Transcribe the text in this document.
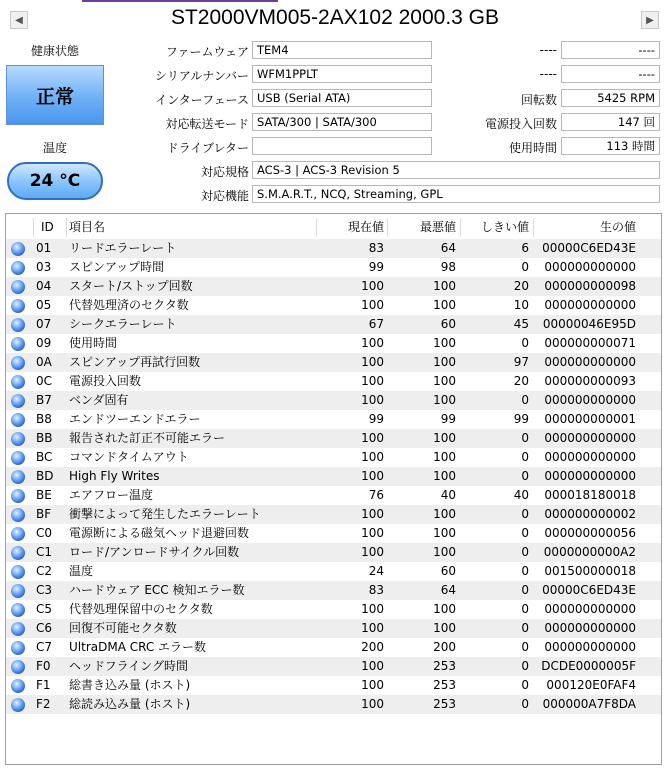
◀	ST2000VM005-2AX102 2000.3 GB	▶
健康状態
正常
温度
24 °C
ファームウェア TEM4
シリアルナンバー WFM1PPLT
インターフェース USB (Serial ATA)
対応転送モード SATA/300 | SATA/300
ドライブレター
対応規格 ACS-3 | ACS-3 Revision 5
対応機能 S.M.A.R.T., NCQ, Streaming, GPL
----	----
----	----
回転数	5425 RPM
電源投入回数	147 回
使用時間	113 時間
ID	項目名	現在値	最悪値	しきい値	生の値
01	リードエラーレート	83	64	6	00000C6ED43E
03	スピンアップ時間	99	98	0	000000000000
04	スタート/ストップ回数	100	100	20	000000000098
05	代替処理済のセクタ数	100	100	10	000000000000
07	シークエラーレート	67	60	45	00000046E95D
09	使用時間	100	100	0	000000000071
0A	スピンアップ再試行回数	100	100	97	000000000000
0C	電源投入回数	100	100	20	000000000093
B7	ベンダ固有	100	100	0	000000000000
B8	エンドツーエンドエラー	99	99	99	000000000001
BB	報告された訂正不可能エラー	100	100	0	000000000000
BC	コマンドタイムアウト	100	100	0	000000000000
BD	High Fly Writes	100	100	0	000000000000
BE	エアフロー温度	76	40	40	000018180018
BF	衝撃によって発生したエラーレート	100	100	0	000000000002
C0	電源断による磁気ヘッド退避回数	100	100	0	000000000056
C1	ロード/アンロードサイクル回数	100	100	0	0000000000A2
C2	温度	24	60	0	001500000018
C3	ハードウェア ECC 検知エラー数	83	64	0	00000C6ED43E
C5	代替処理保留中のセクタ数	100	100	0	000000000000
C6	回復不可能セクタ数	100	100	0	000000000000
C7	UltraDMA CRC エラー数	200	200	0	000000000000
F0	ヘッドフライング時間	100	253	0	DCDE0000005F
F1	総書き込み量 (ホスト)	100	253	0	000120E0FAF4
F2	総読み込み量 (ホスト)	100	253	0	000000A7F8DA
